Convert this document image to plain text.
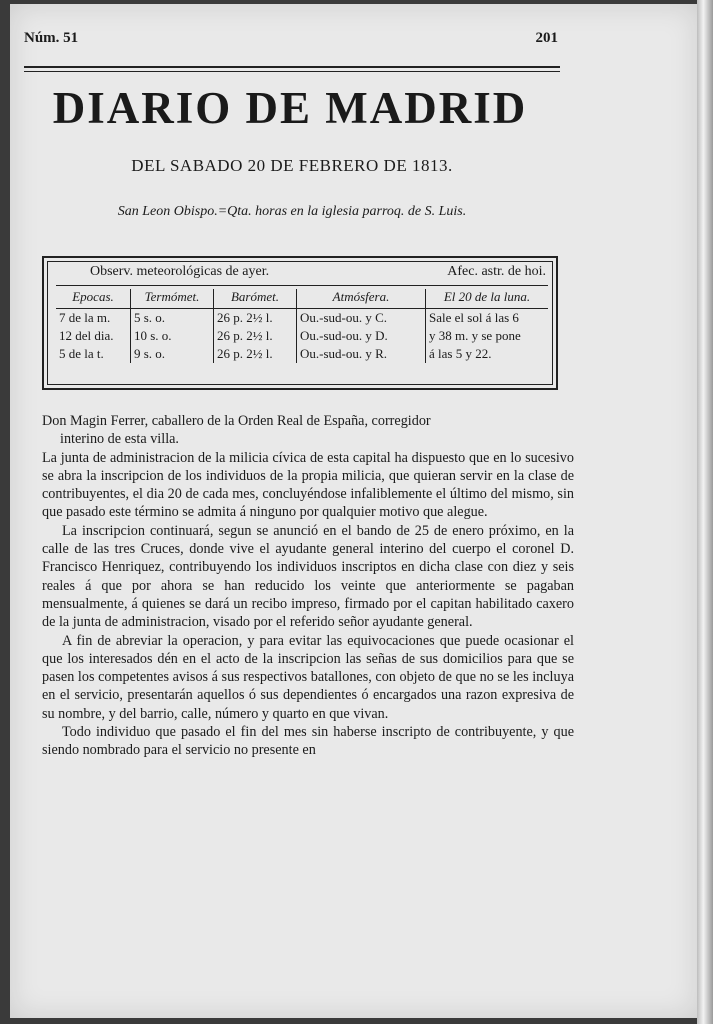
Núm. 51	201
DIARIO DE MADRID
DEL SABADO 20 DE FEBRERO DE 1813.
San Leon Obispo.=Qta. horas en la iglesia parroq. de S. Luis.
Observ. meteorológicas de ayer.	Afec. astr. de hoi.
Epocas.	Termómet.	Barómet.	Atmósfera.	El 20 de la luna.
7 de la m.	5 s. o.	26 p. 2½ l.	Ou.-sud-ou. y C.	Sale el sol á las 6
12 del dia.	10 s. o.	26 p. 2½ l.	Ou.-sud-ou. y D.	y 38 m. y se pone
5 de la t.	9 s. o.	26 p. 2½ l.	Ou.-sud-ou. y R.	á las 5 y 22.

Don Magin Ferrer, caballero de la Orden Real de España, corregidor

interino de esta villa.

La junta de administracion de la milicia cívica de esta capital ha dispuesto que en lo sucesivo se abra la inscripcion de los individuos de la propia milicia, que quieran servir en la clase de contribuyentes, el dia 20 de cada mes, concluyéndose infaliblemente el último del mismo, sin que pasado este término se admita á ninguno por qualquier motivo que alegue.

La inscripcion continuará, segun se anunció en el bando de 25 de enero próximo, en la calle de las tres Cruces, donde vive el ayudante general interino del cuerpo el coronel D. Francisco Henriquez, contribuyendo los individuos inscriptos en dicha clase con diez y seis reales á que por ahora se han reducido los veinte que anteriormente se pagaban mensualmente, á quienes se dará un recibo impreso, firmado por el capitan habilitado caxero de la junta de administracion, visado por el referido señor ayudante general.

A fin de abreviar la operacion, y para evitar las equivocaciones que puede ocasionar el que los interesados dén en el acto de la inscripcion las señas de sus domicilios para que se pasen los competentes avisos á sus respectivos batallones, con objeto de que no se les incluya en el servicio, presentarán aquellos ó sus dependientes ó encargados una razon expresiva de su nombre, y del barrio, calle, número y quarto en que vivan.

Todo individuo que pasado el fin del mes sin haberse inscripto de contribuyente, y que siendo nombrado para el servicio no presente en
